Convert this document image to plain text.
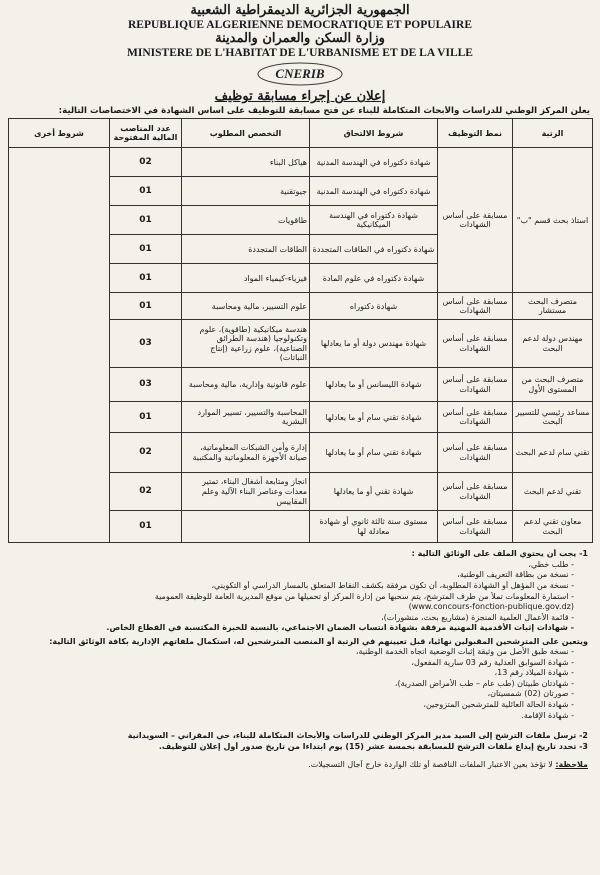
الجمهورية الجزائرية الديمقراطية الشعبية
REPUBLIQUE ALGERIENNE DEMOCRATIQUE ET POPULAIRE
وزارة السكن والعمران والمدينة
MINISTERE DE L'HABITAT DE L'URBANISME ET DE LA VILLE
CNERIB
إعلان عن إجراء مسابقة توظيف
يعلن المركز الوطني للدراسات والأبحاث المتكاملة للبناء عن فتح مسابقة للتوظيف على أساس الشهادة في الاختصاصات التالية:
الرتبة	نمط التوظيف	شروط الالتحاق	التخصص المطلوب	عدد المناصب المالية المفتوحة	شروط أخرى
استاذ بحث قسم "ب"	مسابقة على أساس الشهادات	شهادة دكتوراه في الهندسة المدنية	هياكل البناء	02	
		شهادة دكتوراه في الهندسة المدنية	جيوتقنية	01	
		شهادة دكتوراه في الهندسة الميكانيكية	طاقويات	01	
		شهادة دكتوراه في الطاقات المتجددة	الطاقات المتجددة	01	
		شهادة دكتوراه في علوم المادة	فيزياء-كيمياء المواد	01	
متصرف البحث مستشار	مسابقة على أساس الشهادات	شهادة دكتوراه	علوم التسيير، مالية ومحاسبة	01	
مهندس دولة لدعم البحث	مسابقة على أساس الشهادات	شهادة مهندس دولة أو ما يعادلها	هندسة ميكانيكية (طاقوية)، علوم وتكنولوجيا (هندسة الطرائق الصناعية)، علوم زراعية (إنتاج النباتات)	03	
متصرف البحث من المستوى الأول	مسابقة على أساس الشهادات	شهادة الليسانس أو ما يعادلها	علوم قانونية وإدارية، مالية ومحاسبة	03	
مساعد رئيسي للتسيير البحث	مسابقة على أساس الشهادات	شهادة تقني سام أو ما يعادلها	المحاسبة والتسيير، تسيير الموارد البشرية	01	
تقني سام لدعم البحث	مسابقة على أساس الشهادات	شهادة تقني سام أو ما يعادلها	إدارة وأمن الشبكات المعلوماتية، صيانة الأجهزة المعلوماتية والمكتبية	02	
تقني لدعم البحث	مسابقة على أساس الشهادات	شهادة تقني أو ما يعادلها	انجاز ومتابعة أشغال البناء، تمتير معدات وعناصر البناء الآلية وعلم المقاييس	02	
معاون تقني لدعم البحث	مسابقة على أساس الشهادات	مستوى سنة ثالثة ثانوي أو شهادة معادلة لها		01	
1- يجب أن يحتوي الملف على الوثائق التالية :
- طلب خطي،
- نسخة من بطاقة التعريف الوطنية،
- نسخة من المؤهل أو الشهادة المطلوبة، أن تكون مرفقة بكشف النقاط المتعلق بالمسار الدراسي أو التكويني،
- استمارة المعلومات تملأ من طرف المترشح، يتم سحبها من إدارة المركز أو تحميلها من موقع المديرية العامة للوظيفة العمومية
(www.concours-fonction-publique.gov.dz)
- قائمة الأعمال العلمية المنجزة (مشاريع بحث، منشورات)،
- شهادات إثبات الأقدمية المهنية مرفقة بشهادة انتساب الضمان الاجتماعي، بالنسبة للخبرة المكتسبة في القطاع الخاص.
ويتعين على المترشحين المقبولين نهائيا، قبل تعيينهم في الرتبة أو المنصب المترشحين له، استكمال ملفاتهم الإدارية بكافة الوثائق التالية:
- نسخة طبق الأصل من وثيقة إثبات الوضعية اتجاه الخدمة الوطنية،
- شهادة السوابق العدلية رقم 03 سارية المفعول،
- شهادة الميلاد رقم 13،
- شهادتان طبيتان (طب عام – طب الأمراض الصدرية)،
- صورتان (02) شمسيتان،
- شهادة الحالة العائلية للمترشحين المتزوجين،
- شهادة الإقامة.
2- ترسل ملفات الترشح إلى السيد مدير المركز الوطني للدراسات والأبحاث المتكاملة للبناء، حي المقراني – السويدانية
3- تحدد تاريخ إيداع ملفات الترشح للمسابقة بخمسة عشر (15) يوم ابتداءا من تاريخ صدور أول إعلان للتوظيف.
ملاحظة: لا تؤخذ بعين الاعتبار الملفات الناقصة أو تلك الواردة خارج آجال التسجيلات.
